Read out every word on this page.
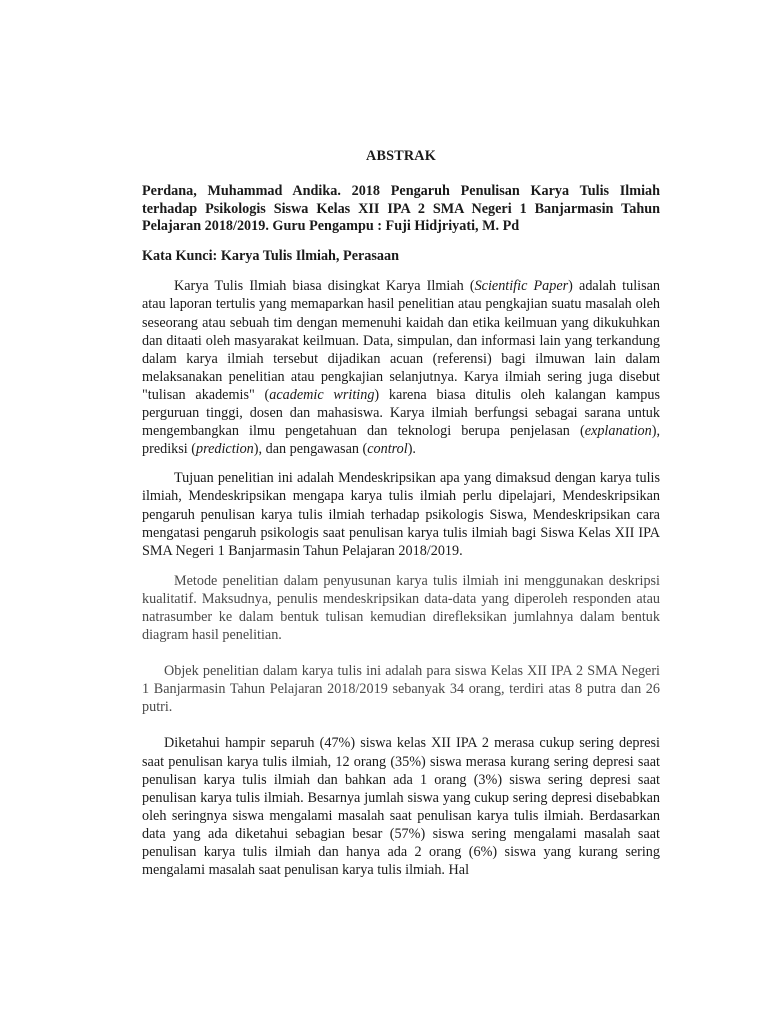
ABSTRAK

Perdana, Muhammad Andika. 2018 Pengaruh Penulisan Karya Tulis Ilmiah terhadap Psikologis Siswa Kelas XII IPA 2 SMA Negeri 1 Banjarmasin Tahun Pelajaran 2018/2019. Guru Pengampu : Fuji Hidjriyati, M. Pd

Kata Kunci: Karya Tulis Ilmiah, Perasaan

Karya Tulis Ilmiah biasa disingkat Karya Ilmiah (Scientific Paper) adalah tulisan atau laporan tertulis yang memaparkan hasil penelitian atau pengkajian suatu masalah oleh seseorang atau sebuah tim dengan memenuhi kaidah dan etika keilmuan yang dikukuhkan dan ditaati oleh masyarakat keilmuan. Data, simpulan, dan informasi lain yang terkandung dalam karya ilmiah tersebut dijadikan acuan (referensi) bagi ilmuwan lain dalam melaksanakan penelitian atau pengkajian selanjutnya. Karya ilmiah sering juga disebut "tulisan akademis" (academic writing) karena biasa ditulis oleh kalangan kampus perguruan tinggi, dosen dan mahasiswa. Karya ilmiah berfungsi sebagai sarana untuk mengembangkan ilmu pengetahuan dan teknologi berupa penjelasan (explanation), prediksi (prediction), dan pengawasan (control).

Tujuan penelitian ini adalah Mendeskripsikan apa yang dimaksud dengan karya tulis ilmiah, Mendeskripsikan mengapa karya tulis ilmiah perlu dipelajari, Mendeskripsikan pengaruh penulisan karya tulis ilmiah terhadap psikologis Siswa, Mendeskripsikan cara mengatasi pengaruh psikologis saat penulisan karya tulis ilmiah bagi Siswa Kelas XII IPA SMA Negeri 1 Banjarmasin Tahun Pelajaran 2018/2019.

Metode penelitian dalam penyusunan karya tulis ilmiah ini menggunakan deskripsi kualitatif. Maksudnya, penulis mendeskripsikan data-data yang diperoleh responden atau natrasumber ke dalam bentuk tulisan kemudian direfleksikan jumlahnya dalam bentuk diagram hasil penelitian.

Objek penelitian dalam karya tulis ini adalah para siswa Kelas XII IPA 2 SMA Negeri 1 Banjarmasin Tahun Pelajaran 2018/2019 sebanyak 34 orang, terdiri atas 8 putra dan 26 putri.

Diketahui hampir separuh (47%) siswa kelas XII IPA 2 merasa cukup sering depresi saat penulisan karya tulis ilmiah, 12 orang (35%) siswa merasa kurang sering depresi saat penulisan karya tulis ilmiah dan bahkan ada 1 orang (3%) siswa sering depresi saat penulisan karya tulis ilmiah. Besarnya jumlah siswa yang cukup sering depresi disebabkan oleh seringnya siswa mengalami masalah saat penulisan karya tulis ilmiah. Berdasarkan data yang ada diketahui sebagian besar (57%) siswa sering mengalami masalah saat penulisan karya tulis ilmiah dan hanya ada 2 orang (6%) siswa yang kurang sering mengalami masalah saat penulisan karya tulis ilmiah. Hal
